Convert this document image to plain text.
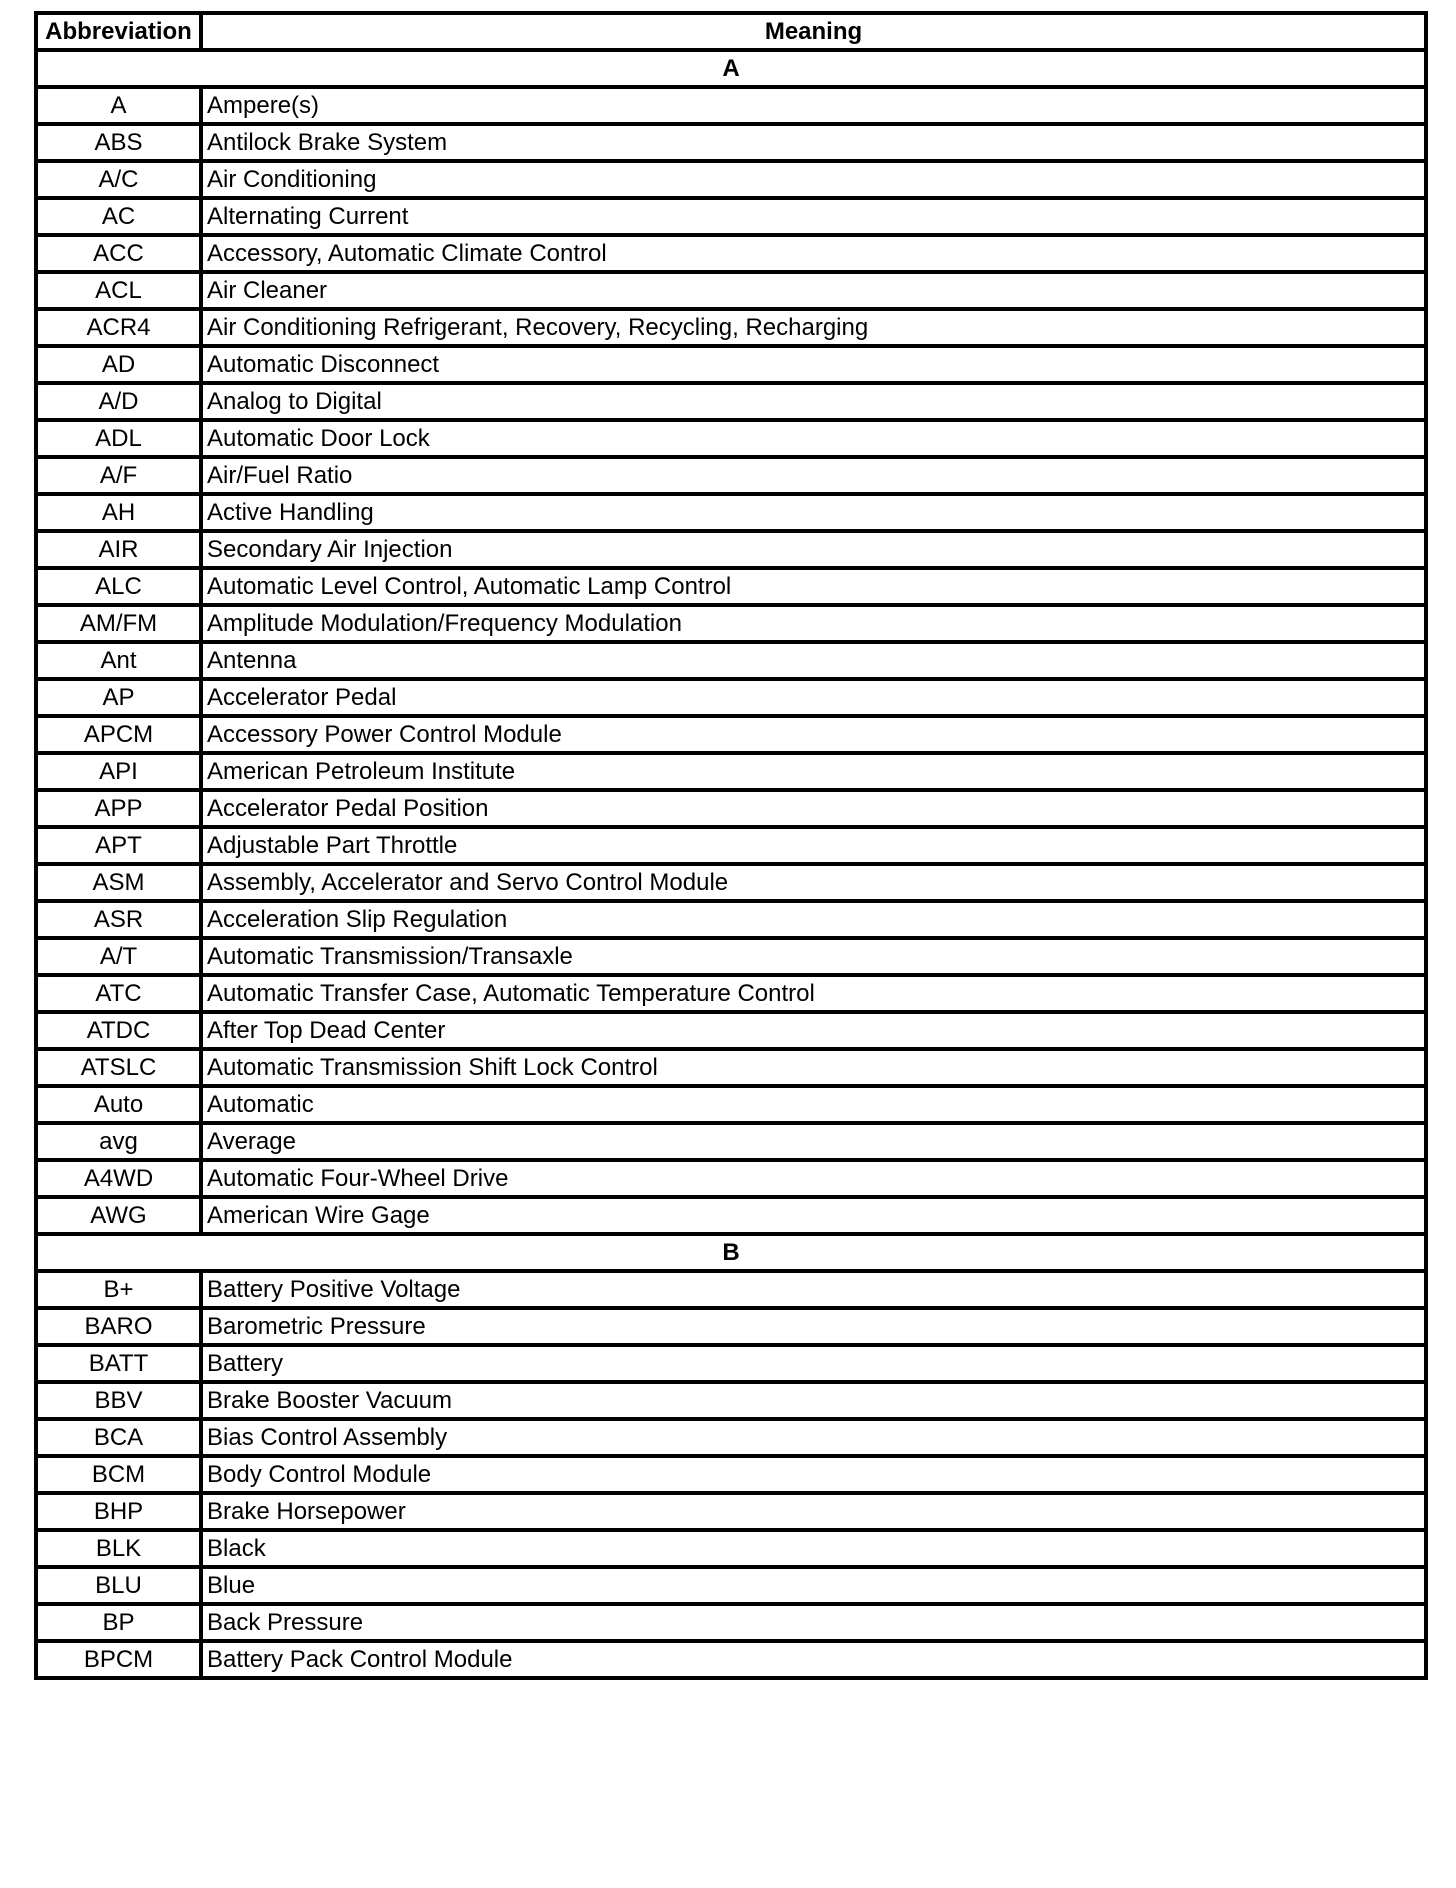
Abbreviation	Meaning
A	
A	Ampere(s)
ABS	Antilock Brake System
A/C	Air Conditioning
AC	Alternating Current
ACC	Accessory, Automatic Climate Control
ACL	Air Cleaner
ACR4	Air Conditioning Refrigerant, Recovery, Recycling, Recharging
AD	Automatic Disconnect
A/D	Analog to Digital
ADL	Automatic Door Lock
A/F	Air/Fuel Ratio
AH	Active Handling
AIR	Secondary Air Injection
ALC	Automatic Level Control, Automatic Lamp Control
AM/FM	Amplitude Modulation/Frequency Modulation
Ant	Antenna
AP	Accelerator Pedal
APCM	Accessory Power Control Module
API	American Petroleum Institute
APP	Accelerator Pedal Position
APT	Adjustable Part Throttle
ASM	Assembly, Accelerator and Servo Control Module
ASR	Acceleration Slip Regulation
A/T	Automatic Transmission/Transaxle
ATC	Automatic Transfer Case, Automatic Temperature Control
ATDC	After Top Dead Center
ATSLC	Automatic Transmission Shift Lock Control
Auto	Automatic
avg	Average
A4WD	Automatic Four-Wheel Drive
AWG	American Wire Gage
B	
B+	Battery Positive Voltage
BARO	Barometric Pressure
BATT	Battery
BBV	Brake Booster Vacuum
BCA	Bias Control Assembly
BCM	Body Control Module
BHP	Brake Horsepower
BLK	Black
BLU	Blue
BP	Back Pressure
BPCM	Battery Pack Control Module
